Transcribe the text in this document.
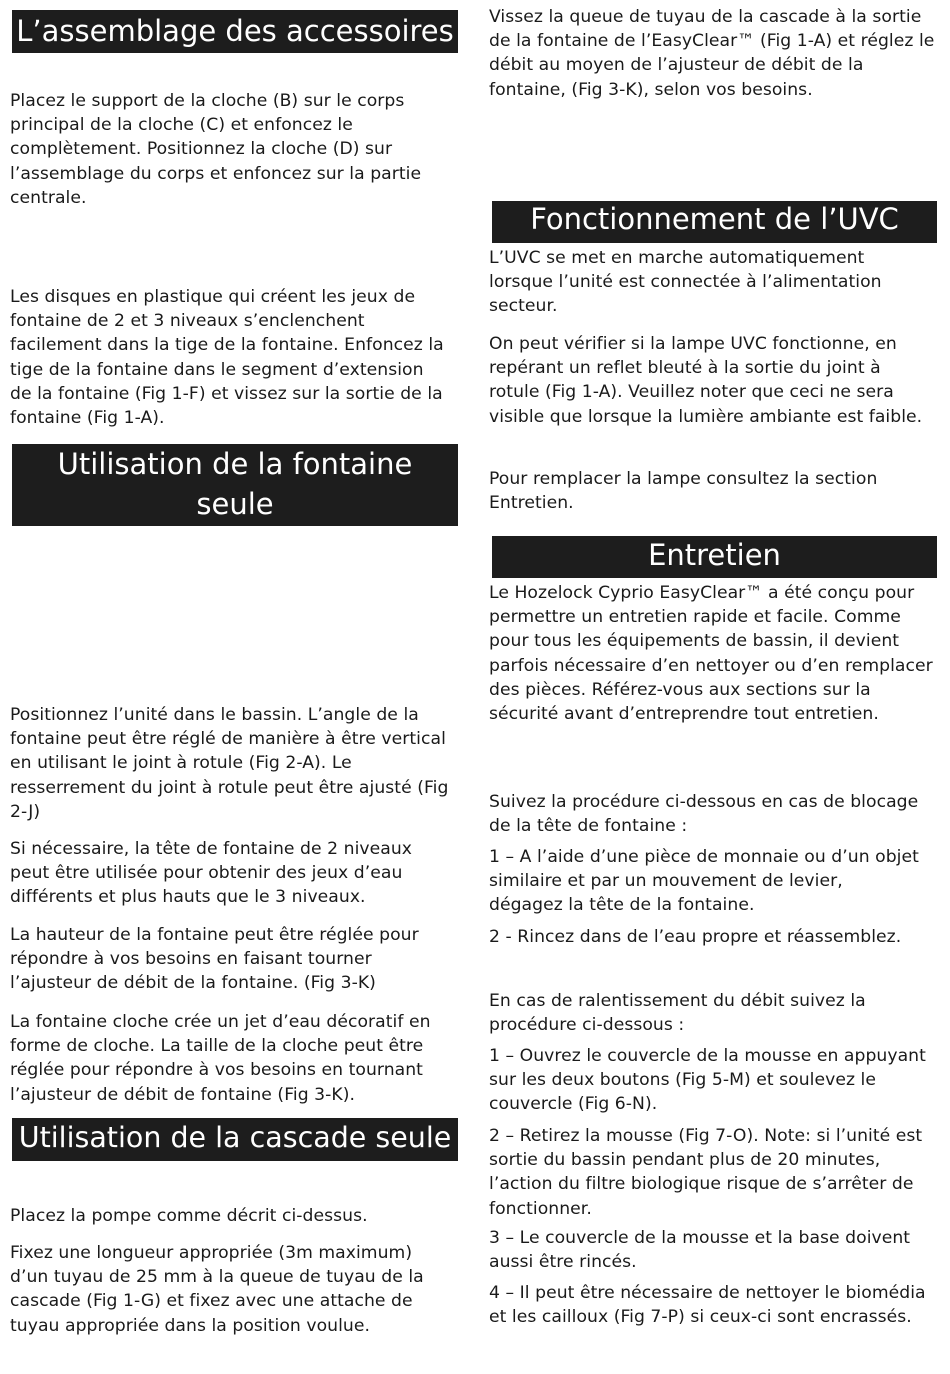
L’assemblage des accessoires

Placez le support de la cloche (B) sur le corps principal de la cloche (C) et enfoncez le complètement. Positionnez la cloche (D) sur l’assemblage du corps et enfoncez sur la partie centrale.

Les disques en plastique qui créent les jeux de fontaine de 2 et 3 niveaux s’enclenchent facilement dans la tige de la fontaine. Enfoncez la tige de la fontaine dans le segment d’extension de la fontaine (Fig 1-F) et vissez sur la sortie de la fontaine (Fig 1-A).

Utilisation de la fontaine seule

Positionnez l’unité dans le bassin. L’angle de la fontaine peut être réglé de manière à être vertical en utilisant le joint à rotule (Fig 2-A). Le resserrement du joint à rotule peut être ajusté (Fig 2-J)

Si nécessaire, la tête de fontaine de 2 niveaux peut être utilisée pour obtenir des jeux d’eau différents et plus hauts que le 3 niveaux.

La hauteur de la fontaine peut être réglée pour répondre à vos besoins en faisant tourner l’ajusteur de débit de la fontaine. (Fig 3-K)

La fontaine cloche crée un jet d’eau décoratif en forme de cloche. La taille de la cloche peut être réglée pour répondre à vos besoins en tournant l’ajusteur de débit de fontaine (Fig 3-K).

Utilisation de la cascade seule

Placez la pompe comme décrit ci-dessus.

Fixez une longueur appropriée (3m maximum) d’un tuyau de 25 mm à la queue de tuyau de la cascade (Fig 1-G) et fixez avec une attache de tuyau appropriée dans la position voulue.

Vissez la queue de tuyau de la cascade à la sortie de la fontaine de l’EasyClear™ (Fig 1-A) et réglez le débit au moyen de l’ajusteur de débit de la fontaine, (Fig 3-K), selon vos besoins.

Fonctionnement de l’UVC

L’UVC se met en marche automatiquement lorsque l’unité est connectée à l’alimentation secteur.

On peut vérifier si la lampe UVC fonctionne, en repérant un reflet bleuté à la sortie du joint à rotule (Fig 1-A). Veuillez noter que ceci ne sera visible que lorsque la lumière ambiante est faible.

Pour remplacer la lampe consultez la section Entretien.

Entretien

Le Hozelock Cyprio EasyClear™ a été conçu pour permettre un entretien rapide et facile. Comme pour tous les équipements de bassin, il devient parfois nécessaire d’en nettoyer ou d’en remplacer des pièces. Référez-vous aux sections sur la sécurité avant d’entreprendre tout entretien.

Suivez la procédure ci-dessous en cas de blocage de la tête de fontaine :

1 – A l’aide d’une pièce de monnaie ou d’un objet similaire et par un mouvement de levier, dégagez la tête de la fontaine.

2 - Rincez dans de l’eau propre et réassemblez.

En cas de ralentissement du débit suivez la procédure ci-dessous :

1 – Ouvrez le couvercle de la mousse en appuyant sur les deux boutons (Fig 5-M) et soulevez le couvercle (Fig 6-N).

2 – Retirez la mousse (Fig 7-O). Note: si l’unité est sortie du bassin pendant plus de 20 minutes, l’action du filtre biologique risque de s’arrêter de fonctionner.

3 – Le couvercle de la mousse et la base doivent aussi être rincés.

4 – Il peut être nécessaire de nettoyer le biomédia et les cailloux (Fig 7-P) si ceux-ci sont encrassés.
